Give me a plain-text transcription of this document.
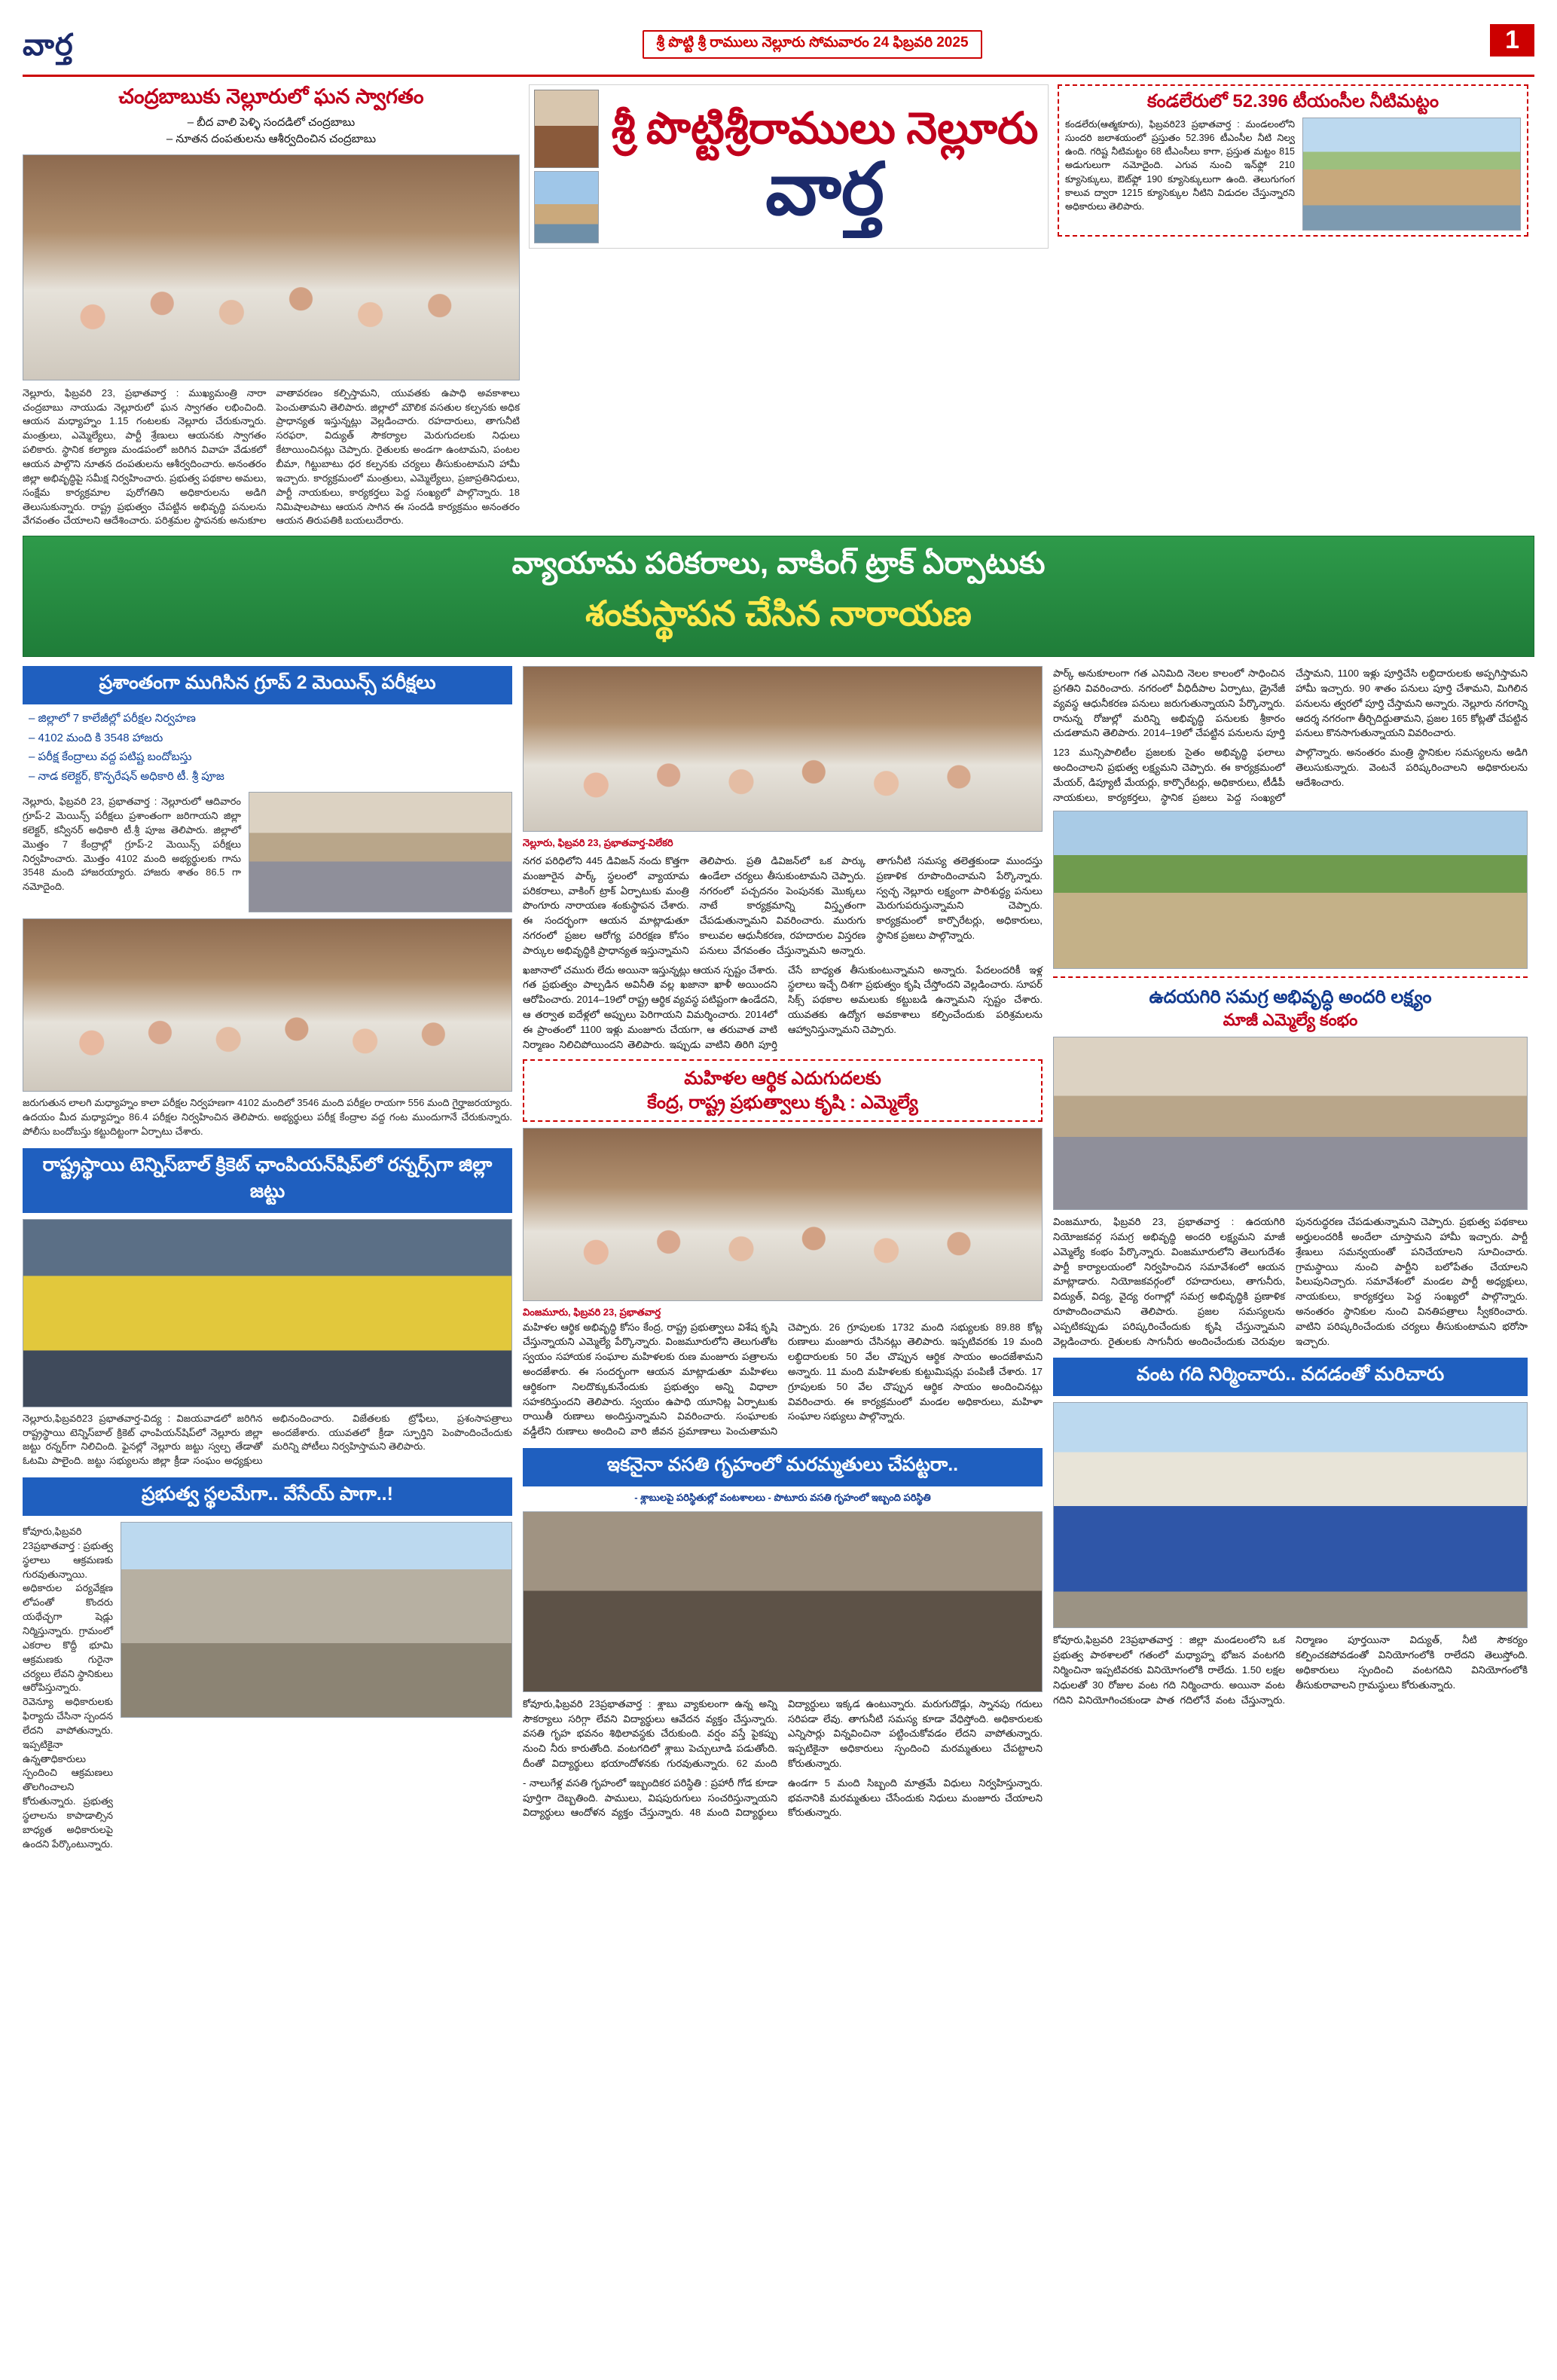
వార్త	శ్రీ పొట్టి శ్రీ రాములు నెల్లూరు సోమవారం 24 ఫిబ్రవరి 2025	1
చంద్రబాబుకు నెల్లూరులో ఘన స్వాగతం
– బీద వాలి పెళ్ళి సందడిలో చంద్రబాబు
– నూతన దంపతులను ఆశీర్వదించిన చంద్రబాబు
నెల్లూరు, ఫిబ్రవరి 23, ప్రభాతవార్త : ముఖ్యమంత్రి నారా చంద్రబాబు నాయుడు నెల్లూరులో ఘన స్వాగతం లభించింది. ఆయన మధ్యాహ్నం 1.15 గంటలకు నెల్లూరు చేరుకున్నారు. మంత్రులు, ఎమ్మెల్యేలు, పార్టీ శ్రేణులు ఆయనకు స్వాగతం పలికారు. స్థానిక కల్యాణ మండపంలో జరిగిన వివాహ వేడుకలో ఆయన పాల్గొని నూతన దంపతులను ఆశీర్వదించారు. అనంతరం జిల్లా అభివృద్ధిపై సమీక్ష నిర్వహించారు. ప్రభుత్వ పథకాల అమలు, సంక్షేమ కార్యక్రమాల పురోగతిని అధికారులను అడిగి తెలుసుకున్నారు. రాష్ట్ర ప్రభుత్వం చేపట్టిన అభివృద్ధి పనులను వేగవంతం చేయాలని ఆదేశించారు. పరిశ్రమల స్థాపనకు అనుకూల వాతావరణం కల్పిస్తామని, యువతకు ఉపాధి అవకాశాలు పెంచుతామని తెలిపారు. జిల్లాలో మౌలిక వసతుల కల్పనకు అధిక ప్రాధాన్యత ఇస్తున్నట్లు వెల్లడించారు. రహదారులు, తాగునీటి సరఫరా, విద్యుత్ సౌకర్యాల మెరుగుదలకు నిధులు కేటాయించినట్లు చెప్పారు. రైతులకు అండగా ఉంటామని, పంటల బీమా, గిట్టుబాటు ధర కల్పనకు చర్యలు తీసుకుంటామని హామీ ఇచ్చారు. కార్యక్రమంలో మంత్రులు, ఎమ్మెల్యేలు, ప్రజాప్రతినిధులు, పార్టీ నాయకులు, కార్యకర్తలు పెద్ద సంఖ్యలో పాల్గొన్నారు. 18 నిమిషాలపాటు ఆయన సాగిన ఈ సందడి కార్యక్రమం అనంతరం ఆయన తిరుపతికి బయలుదేరారు.
శ్రీ పొట్టిశ్రీరాములు నెల్లూరు
వార్త
కండలేరులో 52.396 టీయంసీల నీటిమట్టం
కండలేరు(ఆత్మకూరు), ఫిబ్రవరి23 ప్రభాతవార్త : మండలంలోని సుందరి జలాశయంలో ప్రస్తుతం 52.396 టీఎంసీల నీటి నిల్వ ఉంది. గరిష్ట నీటిమట్టం 68 టీఎంసీలు కాగా, ప్రస్తుత మట్టం 815 అడుగులుగా నమోదైంది. ఎగువ నుంచి ఇన్‌ఫ్లో 210 క్యూసెక్కులు, ఔట్‌ఫ్లో 190 క్యూసెక్కులుగా ఉంది. తెలుగుగంగ కాలువ ద్వారా 1215 క్యూసెక్కుల నీటిని విడుదల చేస్తున్నారని అధికారులు తెలిపారు.
వ్యాయామ పరికరాలు, వాకింగ్ ట్రాక్ ఏర్పాటుకు
శంకుస్థాపన చేసిన నారాయణ
ప్రశాంతంగా ముగిసిన గ్రూప్ 2 మెయిన్స్ పరీక్షలు
– జిల్లాలో 7 కాలేజీల్లో పరీక్షల నిర్వహణ
– 4102 మంది కి 3548 హాజరు
– పరీక్ష కేంద్రాలు వద్ద పటిష్ట బందోబస్తు
– నాడ కలెక్టర్, కొన్ఫరేషన్ అధికారి టీ. శ్రీ పూజ
నెల్లూరు, ఫిబ్రవరి 23, ప్రభాతవార్త : నెల్లూరులో ఆదివారం గ్రూప్-2 మెయిన్స్ పరీక్షలు ప్రశాంతంగా జరిగాయని జిల్లా కలెక్టర్, కన్వీనర్ అధికారి టీ.శ్రీ పూజ తెలిపారు. జిల్లాలో మొత్తం 7 కేంద్రాల్లో గ్రూప్-2 మెయిన్స్ పరీక్షలు నిర్వహించారు. మొత్తం 4102 మంది అభ్యర్థులకు గాను 3548 మంది హాజరయ్యారు. హాజరు శాతం 86.5 గా నమోదైంది.
జరుగుతున లాలగి మధ్యాహ్నం కాలా పరీక్షల నిర్వహణగా 4102 మందిలో 3546 మంది పరీక్షల రాయగా 556 మంది గైర్హాజరయ్యారు. ఉదయం మీద మధ్యాహ్నం 86.4 పరీక్షల నిర్వహించిన తెలిపారు. అభ్యర్థులు పరీక్ష కేంద్రాల వద్ద గంట ముందుగానే చేరుకున్నారు. పోలీసు బందోబస్తు కట్టుదిట్టంగా ఏర్పాటు చేశారు.
రాష్ట్రస్థాయి టెన్నిస్‌బాల్ క్రికెట్ ఛాంపియన్‌షిప్‌లో రన్నర్స్‌గా జిల్లా జట్టు
నెల్లూరు,ఫిబ్రవరి23 ప్రభాతవార్త-విద్య : విజయవాడలో జరిగిన రాష్ట్రస్థాయి టెన్నిస్‌బాల్ క్రికెట్ ఛాంపియన్‌షిప్‌లో నెల్లూరు జిల్లా జట్టు రన్నర్‌గా నిలిచింది. ఫైనల్లో నెల్లూరు జట్టు స్వల్ప తేడాతో ఓటమి పాలైంది. జట్టు సభ్యులను జిల్లా క్రీడా సంఘం అధ్యక్షులు అభినందించారు. విజేతలకు ట్రోఫీలు, ప్రశంసాపత్రాలు అందజేశారు. యువతలో క్రీడా స్ఫూర్తిని పెంపొందించేందుకు మరిన్ని పోటీలు నిర్వహిస్తామని తెలిపారు.
ప్రభుత్వ స్థలమేగా.. వేసేయ్ పాగా..!
కోవూరు,ఫిబ్రవరి 23ప్రభాతవార్త : ప్రభుత్వ స్థలాలు ఆక్రమణకు గురవుతున్నాయి. అధికారుల పర్యవేక్షణ లోపంతో కొందరు యథేచ్ఛగా షెడ్లు నిర్మిస్తున్నారు. గ్రామంలో ఎకరాల కొద్దీ భూమి ఆక్రమణకు గురైనా చర్యలు లేవని స్థానికులు ఆరోపిస్తున్నారు. రెవెన్యూ అధికారులకు ఫిర్యాదు చేసినా స్పందన లేదని వాపోతున్నారు. ఇప్పటికైనా ఉన్నతాధికారులు స్పందించి ఆక్రమణలు తొలగించాలని కోరుతున్నారు. ప్రభుత్వ స్థలాలను కాపాడాల్సిన బాధ్యత అధికారులపై ఉందని పేర్కొంటున్నారు.
నెల్లూరు, ఫిబ్రవరి 23, ప్రభాతవార్త-విలేకరి
నగర పరిధిలోని 445 డివిజన్ నందు కొత్తగా మంజూరైన పార్క్ స్థలంలో వ్యాయామ పరికరాలు, వాకింగ్ ట్రాక్ ఏర్పాటుకు మంత్రి పొంగూరు నారాయణ శంకుస్థాపన చేశారు. ఈ సందర్భంగా ఆయన మాట్లాడుతూ నగరంలో ప్రజల ఆరోగ్య పరిరక్షణ కోసం పార్కుల అభివృద్ధికి ప్రాధాన్యత ఇస్తున్నామని తెలిపారు. ప్రతి డివిజన్‌లో ఒక పార్కు ఉండేలా చర్యలు తీసుకుంటామని చెప్పారు. నగరంలో పచ్చదనం పెంపునకు మొక్కలు నాటే కార్యక్రమాన్ని విస్తృతంగా చేపడుతున్నామని వివరించారు. మురుగు కాలువల ఆధునీకరణ, రహదారుల విస్తరణ పనులు వేగవంతం చేస్తున్నామని అన్నారు. తాగునీటి సమస్య తలెత్తకుండా ముందస్తు ప్రణాళిక రూపొందించామని పేర్కొన్నారు. స్వచ్ఛ నెల్లూరు లక్ష్యంగా పారిశుద్ధ్య పనులు మెరుగుపరుస్తున్నామని చెప్పారు. కార్యక్రమంలో కార్పొరేటర్లు, అధికారులు, స్థానిక ప్రజలు పాల్గొన్నారు.
ఖజానాలో చమురు లేదు అయినా ఇస్తున్నట్లు ఆయన స్పష్టం చేశారు. గత ప్రభుత్వం పాల్పడిన అవినీతి వల్ల ఖజానా ఖాళీ అయిందని ఆరోపించారు. 2014–19లో రాష్ట్ర ఆర్థిక వ్యవస్థ పటిష్టంగా ఉండేదని, ఆ తర్వాత ఐదేళ్లలో అప్పులు పెరిగాయని విమర్శించారు. 2014లో ఈ ప్రాంతంలో 1100 ఇళ్లు మంజూరు చేయగా, ఆ తరువాత వాటి నిర్మాణం నిలిచిపోయిందని తెలిపారు. ఇప్పుడు వాటిని తిరిగి పూర్తి చేసే బాధ్యత తీసుకుంటున్నామని అన్నారు. పేదలందరికీ ఇళ్ల స్థలాలు ఇచ్చే దిశగా ప్రభుత్వం కృషి చేస్తోందని వెల్లడించారు. సూపర్ సిక్స్ పథకాల అమలుకు కట్టుబడి ఉన్నామని స్పష్టం చేశారు. యువతకు ఉద్యోగ అవకాశాలు కల్పించేందుకు పరిశ్రమలను ఆహ్వానిస్తున్నామని చెప్పారు.
మహిళల ఆర్థిక ఎదుగుదలకు
కేంద్ర, రాష్ట్ర ప్రభుత్వాలు కృషి : ఎమ్మెల్యే
వింజమూరు, ఫిబ్రవరి 23, ప్రభాతవార్త
మహిళల ఆర్థిక అభివృద్ధి కోసం కేంద్ర, రాష్ట్ర ప్రభుత్వాలు విశేష కృషి చేస్తున్నాయని ఎమ్మెల్యే పేర్కొన్నారు. వింజమూరులోని తెలుగుతోట స్వయం సహాయక సంఘాల మహిళలకు రుణ మంజూరు పత్రాలను అందజేశారు. ఈ సందర్భంగా ఆయన మాట్లాడుతూ మహిళలు ఆర్థికంగా నిలదొక్కుకునేందుకు ప్రభుత్వం అన్ని విధాలా సహకరిస్తుందని తెలిపారు. స్వయం ఉపాధి యూనిట్ల ఏర్పాటుకు రాయితీ రుణాలు అందిస్తున్నామని వివరించారు. సంఘాలకు వడ్డీలేని రుణాలు అందించి వారి జీవన ప్రమాణాలు పెంచుతామని చెప్పారు. 26 గ్రూపులకు 1732 మంది సభ్యులకు 89.88 కోట్ల రుణాలు మంజూరు చేసినట్లు తెలిపారు. ఇప్పటివరకు 19 మంది లబ్ధిదారులకు 50 వేల చొప్పున ఆర్థిక సాయం అందజేశామని అన్నారు. 11 మంది మహిళలకు కుట్టుమిషన్లు పంపిణీ చేశారు. 17 గ్రూపులకు 50 వేల చొప్పున ఆర్థిక సాయం అందించినట్లు వివరించారు. ఈ కార్యక్రమంలో మండల అధికారులు, మహిళా సంఘాల సభ్యులు పాల్గొన్నారు.
ఇకనైనా వసతి గృహంలో మరమ్మతులు చేపట్టరా..
- శ్లాబులపై పరిస్థితుల్లో వంటశాలలు - పొటూరు వసతి గృహంలో ఇబ్బంది పరిస్థితి
కోవూరు,ఫిబ్రవరి 23ప్రభాతవార్త : శ్లాబు వ్యాకులంగా ఉన్న అన్ని సౌకర్యాలు సరిగ్గా లేవని విద్యార్థులు ఆవేదన వ్యక్తం చేస్తున్నారు. వసతి గృహ భవనం శిథిలావస్థకు చేరుకుంది. వర్షం వస్తే పైకప్పు నుంచి నీరు కారుతోంది. వంటగదిలో శ్లాబు పెచ్చులూడి పడుతోంది. దీంతో విద్యార్థులు భయాందోళనకు గురవుతున్నారు. 62 మంది విద్యార్థులు ఇక్కడ ఉంటున్నారు. మరుగుదొడ్లు, స్నానపు గదులు సరిపడా లేవు. తాగునీటి సమస్య కూడా వేధిస్తోంది. అధికారులకు ఎన్నిసార్లు విన్నవించినా పట్టించుకోవడం లేదని వాపోతున్నారు. ఇప్పటికైనా అధికారులు స్పందించి మరమ్మతులు చేపట్టాలని కోరుతున్నారు.
- నాలుగేళ్ల వసతి గృహంలో ఇబ్బందికర పరిస్థితి : ప్రహారీ గోడ కూడా పూర్తిగా దెబ్బతింది. పాములు, విషపురుగులు సంచరిస్తున్నాయని విద్యార్థులు ఆందోళన వ్యక్తం చేస్తున్నారు. 48 మంది విద్యార్థులు ఉండగా 5 మంది సిబ్బంది మాత్రమే విధులు నిర్వహిస్తున్నారు. భవనానికి మరమ్మతులు చేసేందుకు నిధులు మంజూరు చేయాలని కోరుతున్నారు.
పార్క్ అనుకూలంగా గత ఎనిమిది నెలల కాలంలో సాధించిన ప్రగతిని వివరించారు. నగరంలో వీధిదీపాల ఏర్పాటు, డ్రైనేజీ వ్యవస్థ ఆధునీకరణ పనులు జరుగుతున్నాయని పేర్కొన్నారు. రానున్న రోజుల్లో మరిన్ని అభివృద్ధి పనులకు శ్రీకారం చుడతామని తెలిపారు. 2014–19లో చేపట్టిన పనులను పూర్తి చేస్తామని, 1100 ఇళ్లు పూర్తిచేసి లబ్ధిదారులకు అప్పగిస్తామని హామీ ఇచ్చారు. 90 శాతం పనులు పూర్తి చేశామని, మిగిలిన పనులను త్వరలో పూర్తి చేస్తామని అన్నారు. నెల్లూరు నగరాన్ని ఆదర్శ నగరంగా తీర్చిదిద్దుతామని, ప్రజల 165 కోట్లతో చేపట్టిన పనులు కొనసాగుతున్నాయని వివరించారు.
123 మున్సిపాలిటీల ప్రజలకు సైతం అభివృద్ధి ఫలాలు అందించాలని ప్రభుత్వ లక్ష్యమని చెప్పారు. ఈ కార్యక్రమంలో మేయర్, డిప్యూటీ మేయర్లు, కార్పొరేటర్లు, అధికారులు, టీడీపీ నాయకులు, కార్యకర్తలు, స్థానిక ప్రజలు పెద్ద సంఖ్యలో పాల్గొన్నారు. అనంతరం మంత్రి స్థానికుల సమస్యలను అడిగి తెలుసుకున్నారు. వెంటనే పరిష్కరించాలని అధికారులను ఆదేశించారు.
ఉదయగిరి సమగ్ర అభివృద్ధి అందరి లక్ష్యం
మాజీ ఎమ్మెల్యే కంభం
వింజమూరు, ఫిబ్రవరి 23, ప్రభాతవార్త : ఉదయగిరి నియోజకవర్గ సమగ్ర అభివృద్ధి అందరి లక్ష్యమని మాజీ ఎమ్మెల్యే కంభం పేర్కొన్నారు. వింజమూరులోని తెలుగుదేశం పార్టీ కార్యాలయంలో నిర్వహించిన సమావేశంలో ఆయన మాట్లాడారు. నియోజకవర్గంలో రహదారులు, తాగునీరు, విద్యుత్, విద్య, వైద్య రంగాల్లో సమగ్ర అభివృద్ధికి ప్రణాళిక రూపొందించామని తెలిపారు. ప్రజల సమస్యలను ఎప్పటికప్పుడు పరిష్కరించేందుకు కృషి చేస్తున్నామని వెల్లడించారు. రైతులకు సాగునీరు అందించేందుకు చెరువుల పునరుద్ధరణ చేపడుతున్నామని చెప్పారు. ప్రభుత్వ పథకాలు అర్హులందరికీ అందేలా చూస్తామని హామీ ఇచ్చారు. పార్టీ శ్రేణులు సమన్వయంతో పనిచేయాలని సూచించారు. గ్రామస్థాయి నుంచి పార్టీని బలోపేతం చేయాలని పిలుపునిచ్చారు. సమావేశంలో మండల పార్టీ అధ్యక్షులు, నాయకులు, కార్యకర్తలు పెద్ద సంఖ్యలో పాల్గొన్నారు. అనంతరం స్థానికుల నుంచి వినతిపత్రాలు స్వీకరించారు. వాటిని పరిష్కరించేందుకు చర్యలు తీసుకుంటామని భరోసా ఇచ్చారు.
వంట గది నిర్మించారు.. వదడంతో మరిచారు
కోవూరు,ఫిబ్రవరి 23ప్రభాతవార్త : జిల్లా మండలంలోని ఒక ప్రభుత్వ పాఠశాలలో గతంలో మధ్యాహ్న భోజన వంటగది నిర్మించినా ఇప్పటివరకు వినియోగంలోకి రాలేదు. 1.50 లక్షల నిధులతో 30 రోజుల వంట గది నిర్మించారు. అయినా వంట గదిని వినియోగించకుండా పాత గదిలోనే వంట చేస్తున్నారు. నిర్మాణం పూర్తయినా విద్యుత్, నీటి సౌకర్యం కల్పించకపోవడంతో వినియోగంలోకి రాలేదని తెలుస్తోంది. అధికారులు స్పందించి వంటగదిని వినియోగంలోకి తీసుకురావాలని గ్రామస్థులు కోరుతున్నారు.
